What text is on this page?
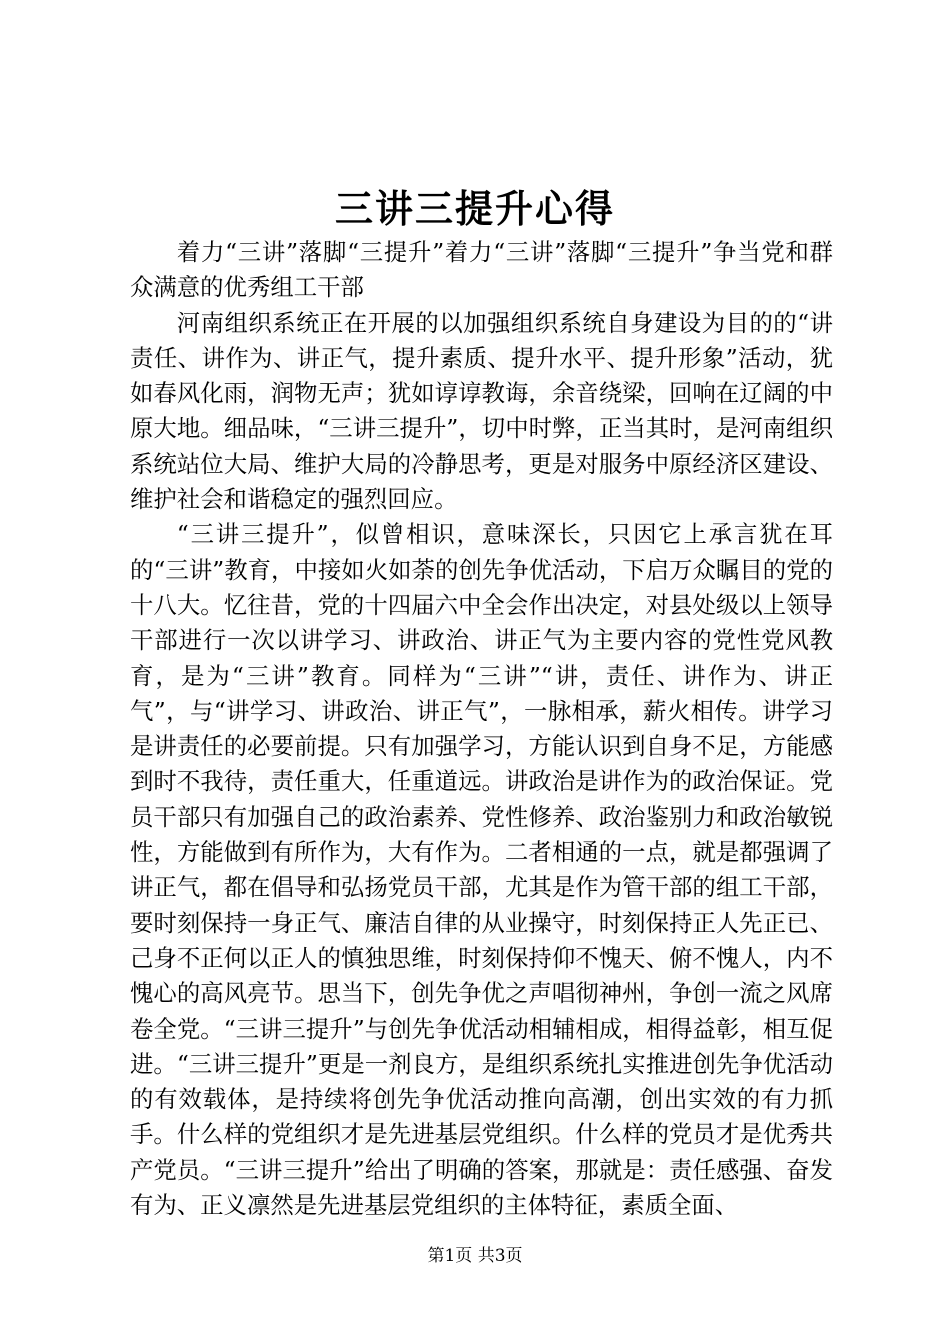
三讲三提升心得

着力“三讲”落脚“三提升”着力“三讲”落脚“三提升”争当党和群众满意的优秀组工干部

河南组织系统正在开展的以加强组织系统自身建设为目的的“讲责任、讲作为、讲正气，提升素质、提升水平、提升形象”活动，犹如春风化雨，润物无声；犹如谆谆教诲，余音绕梁，回响在辽阔的中原大地。细品味，“三讲三提升”，切中时弊，正当其时，是河南组织系统站位大局、维护大局的冷静思考，更是对服务中原经济区建设、维护社会和谐稳定的强烈回应。

“三讲三提升”，似曾相识，意味深长，只因它上承言犹在耳的“三讲”教育，中接如火如荼的创先争优活动，下启万众瞩目的党的十八大。忆往昔，党的十四届六中全会作出决定，对县处级以上领导干部进行一次以讲学习、讲政治、讲正气为主要内容的党性党风教育，是为“三讲”教育。同样为“三讲”“讲，责任、讲作为、讲正气”，与“讲学习、讲政治、讲正气”，一脉相承，薪火相传。讲学习是讲责任的必要前提。只有加强学习，方能认识到自身不足，方能感到时不我待，责任重大，任重道远。讲政治是讲作为的政治保证。党员干部只有加强自己的政治素养、党性修养、政治鉴别力和政治敏锐性，方能做到有所作为，大有作为。二者相通的一点，就是都强调了讲正气，都在倡导和弘扬党员干部，尤其是作为管干部的组工干部，要时刻保持一身正气、廉洁自律的从业操守，时刻保持正人先正已、己身不正何以正人的慎独思维，时刻保持仰不愧天、俯不愧人，内不愧心的高风亮节。思当下，创先争优之声唱彻神州，争创一流之风席卷全党。“三讲三提升”与创先争优活动相辅相成，相得益彰，相互促进。“三讲三提升”更是一剂良方，是组织系统扎实推进创先争优活动的有效载体，是持续将创先争优活动推向高潮，创出实效的有力抓手。什么样的党组织才是先进基层党组织。什么样的党员才是优秀共产党员。“三讲三提升”给出了明确的答案，那就是：责任感强、奋发有为、正义凛然是先进基层党组织的主体特征，素质全面、

第1页 共3页
